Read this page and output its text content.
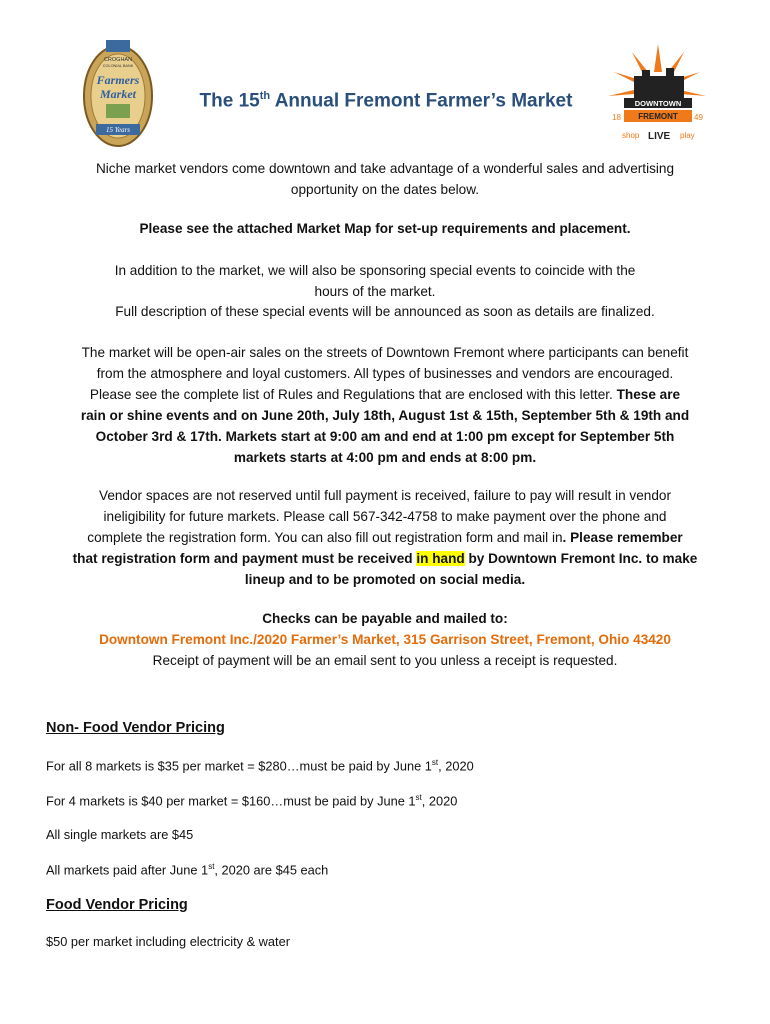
CROGHAN
COLONIAL BANK
Farmers
Market
15 Years
The 15th Annual Fremont Farmer’s Market	DOWNTOWN
FREMONT
18	49
shop LIVE play
Niche market vendors come downtown and take advantage of a wonderful sales and advertising
opportunity on the dates below.
Please see the attached Market Map for set-up requirements and placement.
In addition to the market, we will also be sponsoring special events to coincide with the
hours of the market.
Full description of these special events will be announced as soon as details are finalized.
The market will be open-air sales on the streets of Downtown Fremont where participants can benefit
from the atmosphere and loyal customers. All types of businesses and vendors are encouraged.
Please see the complete list of Rules and Regulations that are enclosed with this letter. These are
rain or shine events and on June 20th, July 18th, August 1st & 15th, September 5th & 19th and
October 3rd & 17th. Markets start at 9:00 am and end at 1:00 pm except for September 5th
markets starts at 4:00 pm and ends at 8:00 pm.
Vendor spaces are not reserved until full payment is received, failure to pay will result in vendor
ineligibility for future markets. Please call 567-342-4758 to make payment over the phone and
complete the registration form. You can also fill out registration form and mail in. Please remember
that registration form and payment must be received in hand by Downtown Fremont Inc. to make
lineup and to be promoted on social media.
Checks can be payable and mailed to:
Downtown Fremont Inc./2020 Farmer’s Market, 315 Garrison Street, Fremont, Ohio 43420
Receipt of payment will be an email sent to you unless a receipt is requested.
Non- Food Vendor Pricing
For all 8 markets is $35 per market = $280…must be paid by June 1st, 2020
For 4 markets is $40 per market = $160…must be paid by June 1st, 2020
All single markets are $45
All markets paid after June 1st, 2020 are $45 each
Food Vendor Pricing
$50 per market including electricity & water
